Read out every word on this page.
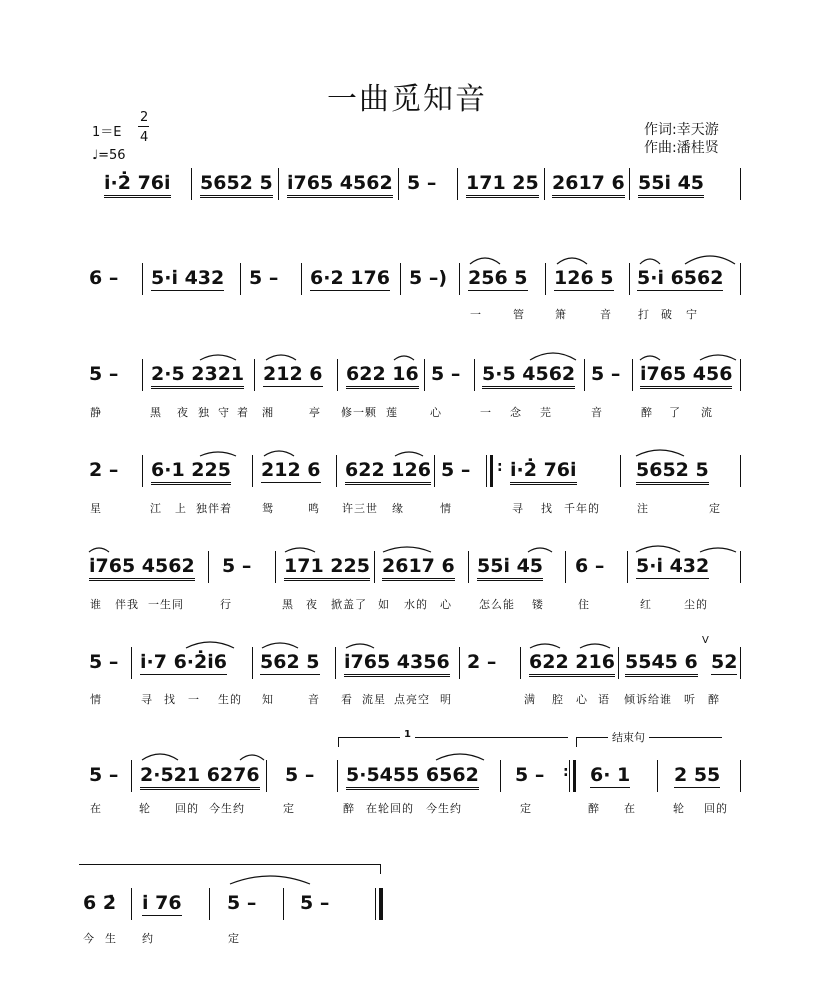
一曲觅知音
1＝E
2
4
♩=56
作词:幸天游
作曲:潘桂贤
i̇·2̇ 76i̇ 5652 5 i̇765 4562 5 – 171 25 2617 6 55i̇ 45
6 – 5·i̇ 432 5 – 6·2 176 5 –) 256 5 126 5 5·i̇ 6562
一	管	箫	音 打 破 宁
5 – 2·5 2321 212 6 622 16 5 – 5·5 4562 5 – i̇765 456
静	黑 夜 独 守 着 湘	亭 修一颗 莲	心	一 念 芫	音	醉 了 流
2 – 6·1 225 212 6 622 126 5 – : i̇·2̇ 76i̇	5652 5
星	江 上 独伴着	鸳	鸣 许三世 缘	情	寻 找 千年的	注	定
i̇765 4562 5 – 171 225 2617 6 55i̇ 45 6 – 5·i̇ 432
谁 伴我 一生同	行	黑 夜 掀盖了 如 水的 心 怎么能 镂	住	红	尘的
5 – i̇·7 6·2̇i̇6 562 5 i̇765 4356 2 – 622 216 5545 6
V
52
情	寻 找 一 生的 知	音 看 流星 点亮空 明	满 腔 心 语 倾诉给谁 听 醉
1	结束句
5 – 2·521 6276 5 – 5·5455 6562 5 – : 6· 1 2 55
在	轮 回的 今生约	定	醉 在轮回的 今生约	定	醉 在	轮 回的
6 2̇ i̇ 76 5 – 5 –
今 生 约	定
